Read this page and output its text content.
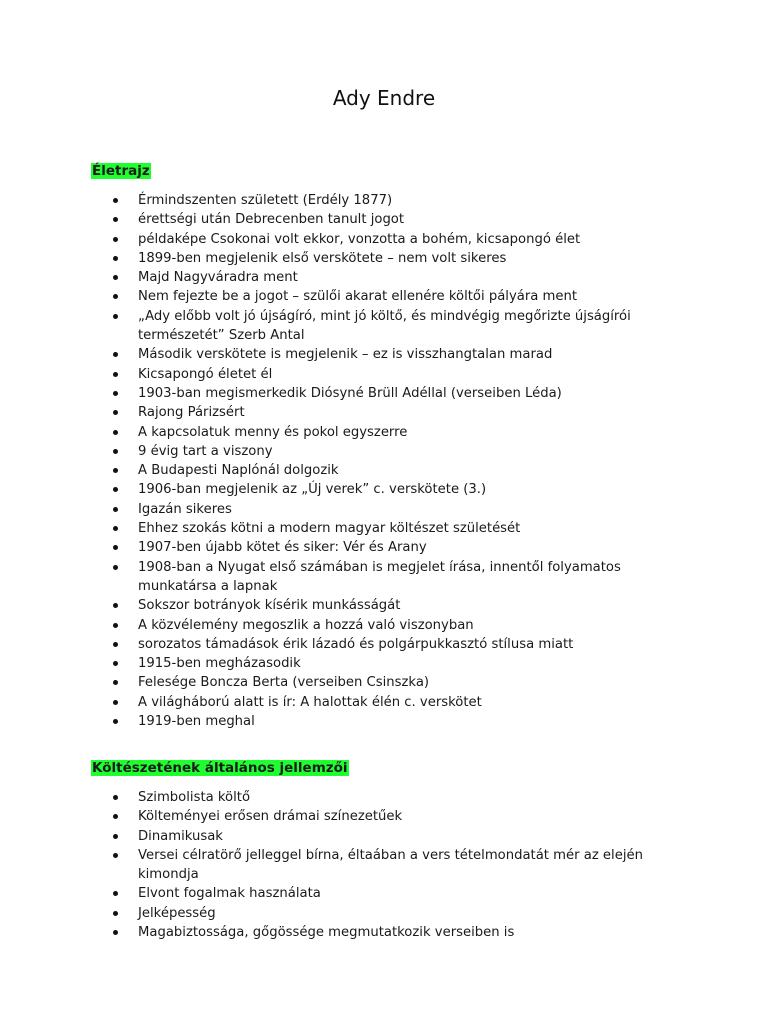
Ady Endre
Életrajz
Érmindszenten született (Erdély 1877)
érettségi után Debrecenben tanult jogot
példaképe Csokonai volt ekkor, vonzotta a bohém, kicsapongó élet
1899-ben megjelenik első verskötete – nem volt sikeres
Majd Nagyváradra ment
Nem fejezte be a jogot – szülői akarat ellenére költői pályára ment
„Ady előbb volt jó újságíró, mint jó költő, és mindvégig megőrizte újságírói természetét” Szerb Antal
Második verskötete is megjelenik – ez is visszhangtalan marad
Kicsapongó életet él
1903-ban megismerkedik Diósyné Brüll Adéllal (verseiben Léda)
Rajong Párizsért
A kapcsolatuk menny és pokol egyszerre
9 évig tart a viszony
A Budapesti Naplónál dolgozik
1906-ban megjelenik az „Új verek” c. verskötete (3.)
Igazán sikeres
Ehhez szokás kötni a modern magyar költészet születését
1907-ben újabb kötet és siker: Vér és Arany
1908-ban a Nyugat első számában is megjelet írása, innentől folyamatos munkatársa a lapnak
Sokszor botrányok kísérik munkásságát
A közvélemény megoszlik a hozzá való viszonyban
sorozatos támadások érik lázadó és polgárpukkasztó stílusa miatt
1915-ben megházasodik
Felesége Boncza Berta (verseiben Csinszka)
A világháború alatt is ír: A halottak élén c. verskötet
1919-ben meghal
Költészetének általános jellemzői
Szimbolista költő
Költeményei erősen drámai színezetűek
Dinamikusak
Versei célratörő jelleggel bírna, éltaában a vers tételmondatát mér az elején kimondja
Elvont fogalmak használata
Jelképesség
Magabiztossága, gőgössége megmutatkozik verseiben is
